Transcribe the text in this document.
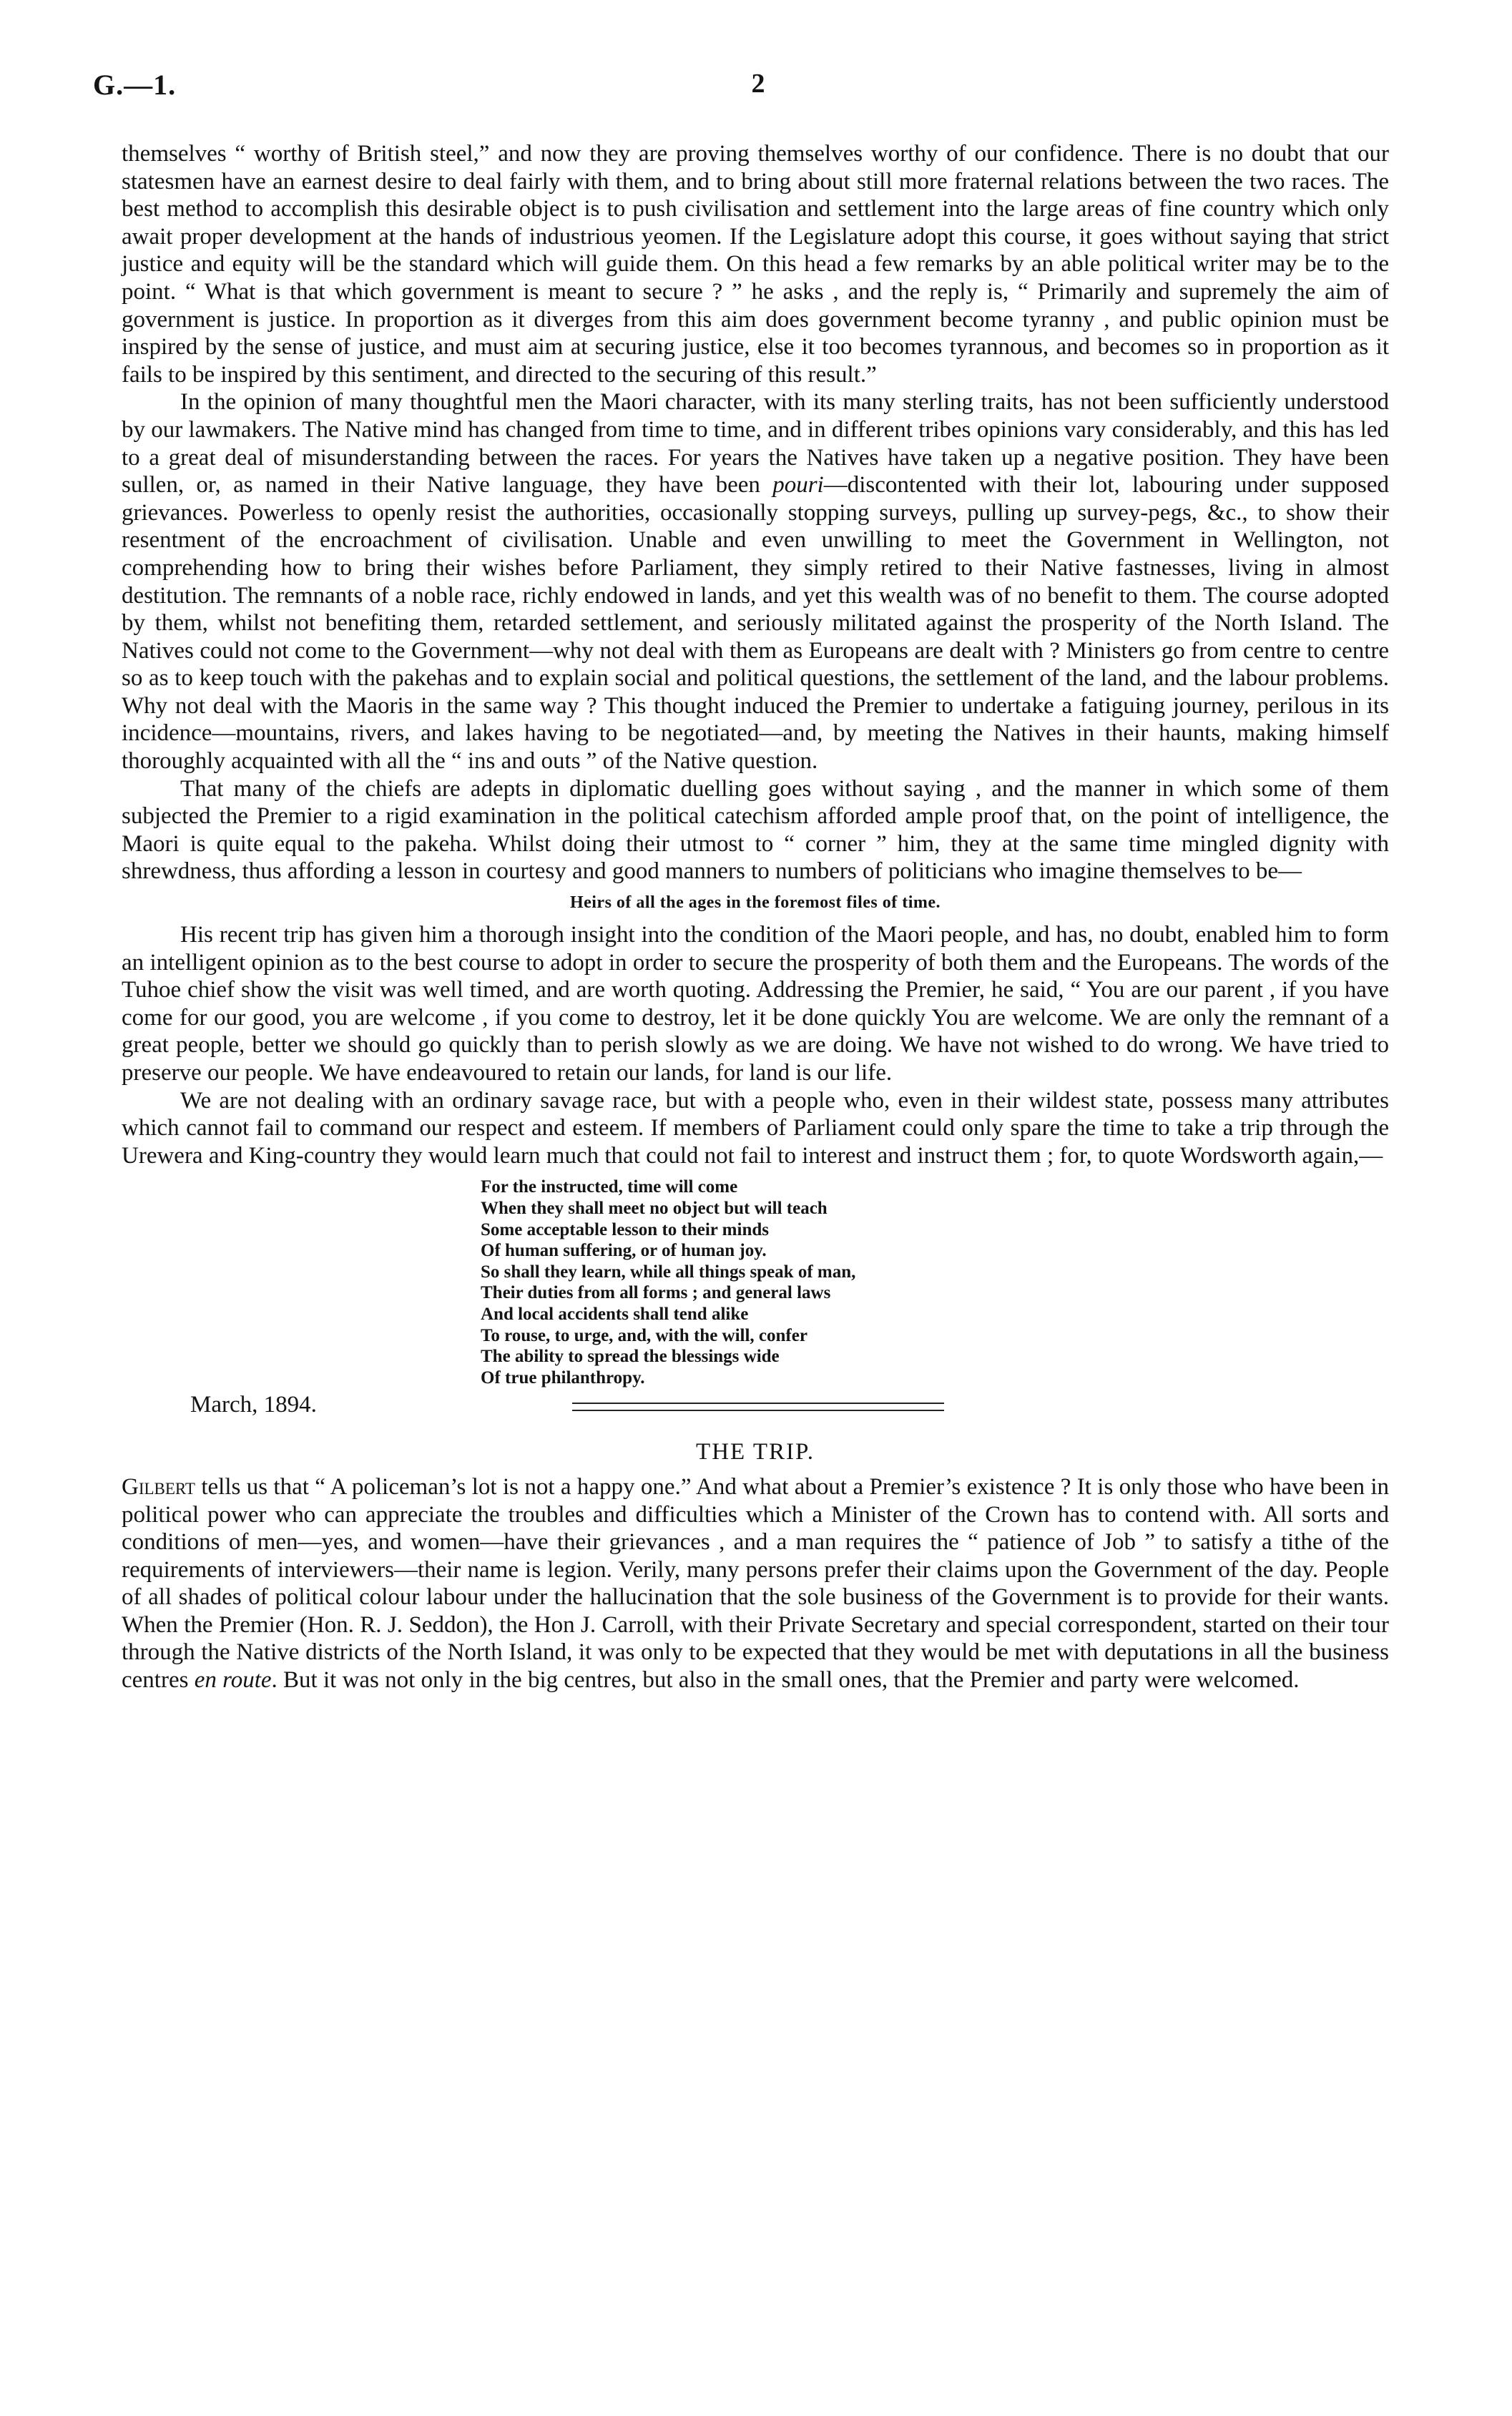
G.—1.	2

themselves “ worthy of British steel,” and now they are proving themselves worthy of our confidence. There is no doubt that our statesmen have an earnest desire to deal fairly with them, and to bring about still more fraternal relations between the two races. The best method to accomplish this desirable object is to push civilisation and settlement into the large areas of fine country which only await proper development at the hands of industrious yeomen. If the Legislature adopt this course, it goes without saying that strict justice and equity will be the standard which will guide them. On this head a few remarks by an able political writer may be to the point. “ What is that which government is meant to secure ? ” he asks , and the reply is, “ Primarily and supremely the aim of government is justice. In proportion as it diverges from this aim does government become tyranny , and public opinion must be inspired by the sense of justice, and must aim at securing justice, else it too becomes tyrannous, and becomes so in proportion as it fails to be inspired by this sentiment, and directed to the securing of this result.”

In the opinion of many thoughtful men the Maori character, with its many sterling traits, has not been sufficiently understood by our lawmakers. The Native mind has changed from time to time, and in different tribes opinions vary considerably, and this has led to a great deal of misunderstanding between the races. For years the Natives have taken up a negative position. They have been sullen, or, as named in their Native language, they have been pouri—discontented with their lot, labouring under supposed grievances. Powerless to openly resist the authorities, occasionally stopping surveys, pulling up survey-pegs, &c., to show their resentment of the encroachment of civilisation. Unable and even unwilling to meet the Government in Wellington, not comprehending how to bring their wishes before Parliament, they simply retired to their Native fastnesses, living in almost destitution. The remnants of a noble race, richly endowed in lands, and yet this wealth was of no benefit to them. The course adopted by them, whilst not benefiting them, retarded settlement, and seriously militated against the prosperity of the North Island. The Natives could not come to the Government—why not deal with them as Europeans are dealt with ? Ministers go from centre to centre so as to keep touch with the pakehas and to explain social and political questions, the settlement of the land, and the labour problems. Why not deal with the Maoris in the same way ? This thought induced the Premier to undertake a fatiguing journey, perilous in its incidence—mountains, rivers, and lakes having to be negotiated—and, by meeting the Natives in their haunts, making himself thoroughly acquainted with all the “ ins and outs ” of the Native question.

That many of the chiefs are adepts in diplomatic duelling goes without saying , and the manner in which some of them subjected the Premier to a rigid examination in the political catechism afforded ample proof that, on the point of intelligence, the Maori is quite equal to the pakeha. Whilst doing their utmost to “ corner ” him, they at the same time mingled dignity with shrewdness, thus affording a lesson in courtesy and good manners to numbers of politicians who imagine themselves to be—

Heirs of all the ages in the foremost files of time.

His recent trip has given him a thorough insight into the condition of the Maori people, and has, no doubt, enabled him to form an intelligent opinion as to the best course to adopt in order to secure the prosperity of both them and the Europeans. The words of the Tuhoe chief show the visit was well timed, and are worth quoting. Addressing the Premier, he said, “ You are our parent , if you have come for our good, you are welcome , if you come to destroy, let it be done quickly You are welcome. We are only the remnant of a great people, better we should go quickly than to perish slowly as we are doing. We have not wished to do wrong. We have tried to preserve our people. We have endeavoured to retain our lands, for land is our life.

We are not dealing with an ordinary savage race, but with a people who, even in their wildest state, possess many attributes which cannot fail to command our respect and esteem. If members of Parliament could only spare the time to take a trip through the Urewera and King-country they would learn much that could not fail to interest and instruct them ; for, to quote Wordsworth again,—

For the instructed, time will come
When they shall meet no object but will teach
Some acceptable lesson to their minds
Of human suffering, or of human joy.
So shall they learn, while all things speak of man,
Their duties from all forms ; and general laws
And local accidents shall tend alike
To rouse, to urge, and, with the will, confer
The ability to spread the blessings wide
Of true philanthropy.
March, 1894.
THE TRIP.

Gilbert tells us that “ A policeman’s lot is not a happy one.” And what about a Premier’s existence ? It is only those who have been in political power who can appreciate the troubles and difficulties which a Minister of the Crown has to contend with. All sorts and conditions of men—yes, and women—have their grievances , and a man requires the “ patience of Job ” to satisfy a tithe of the requirements of interviewers—their name is legion. Verily, many persons prefer their claims upon the Government of the day. People of all shades of political colour labour under the hallucination that the sole business of the Government is to provide for their wants. When the Premier (Hon. R. J. Seddon), the Hon J. Carroll, with their Private Secretary and special correspondent, started on their tour through the Native districts of the North Island, it was only to be expected that they would be met with deputations in all the business centres en route. But it was not only in the big centres, but also in the small ones, that the Premier and party were welcomed.
